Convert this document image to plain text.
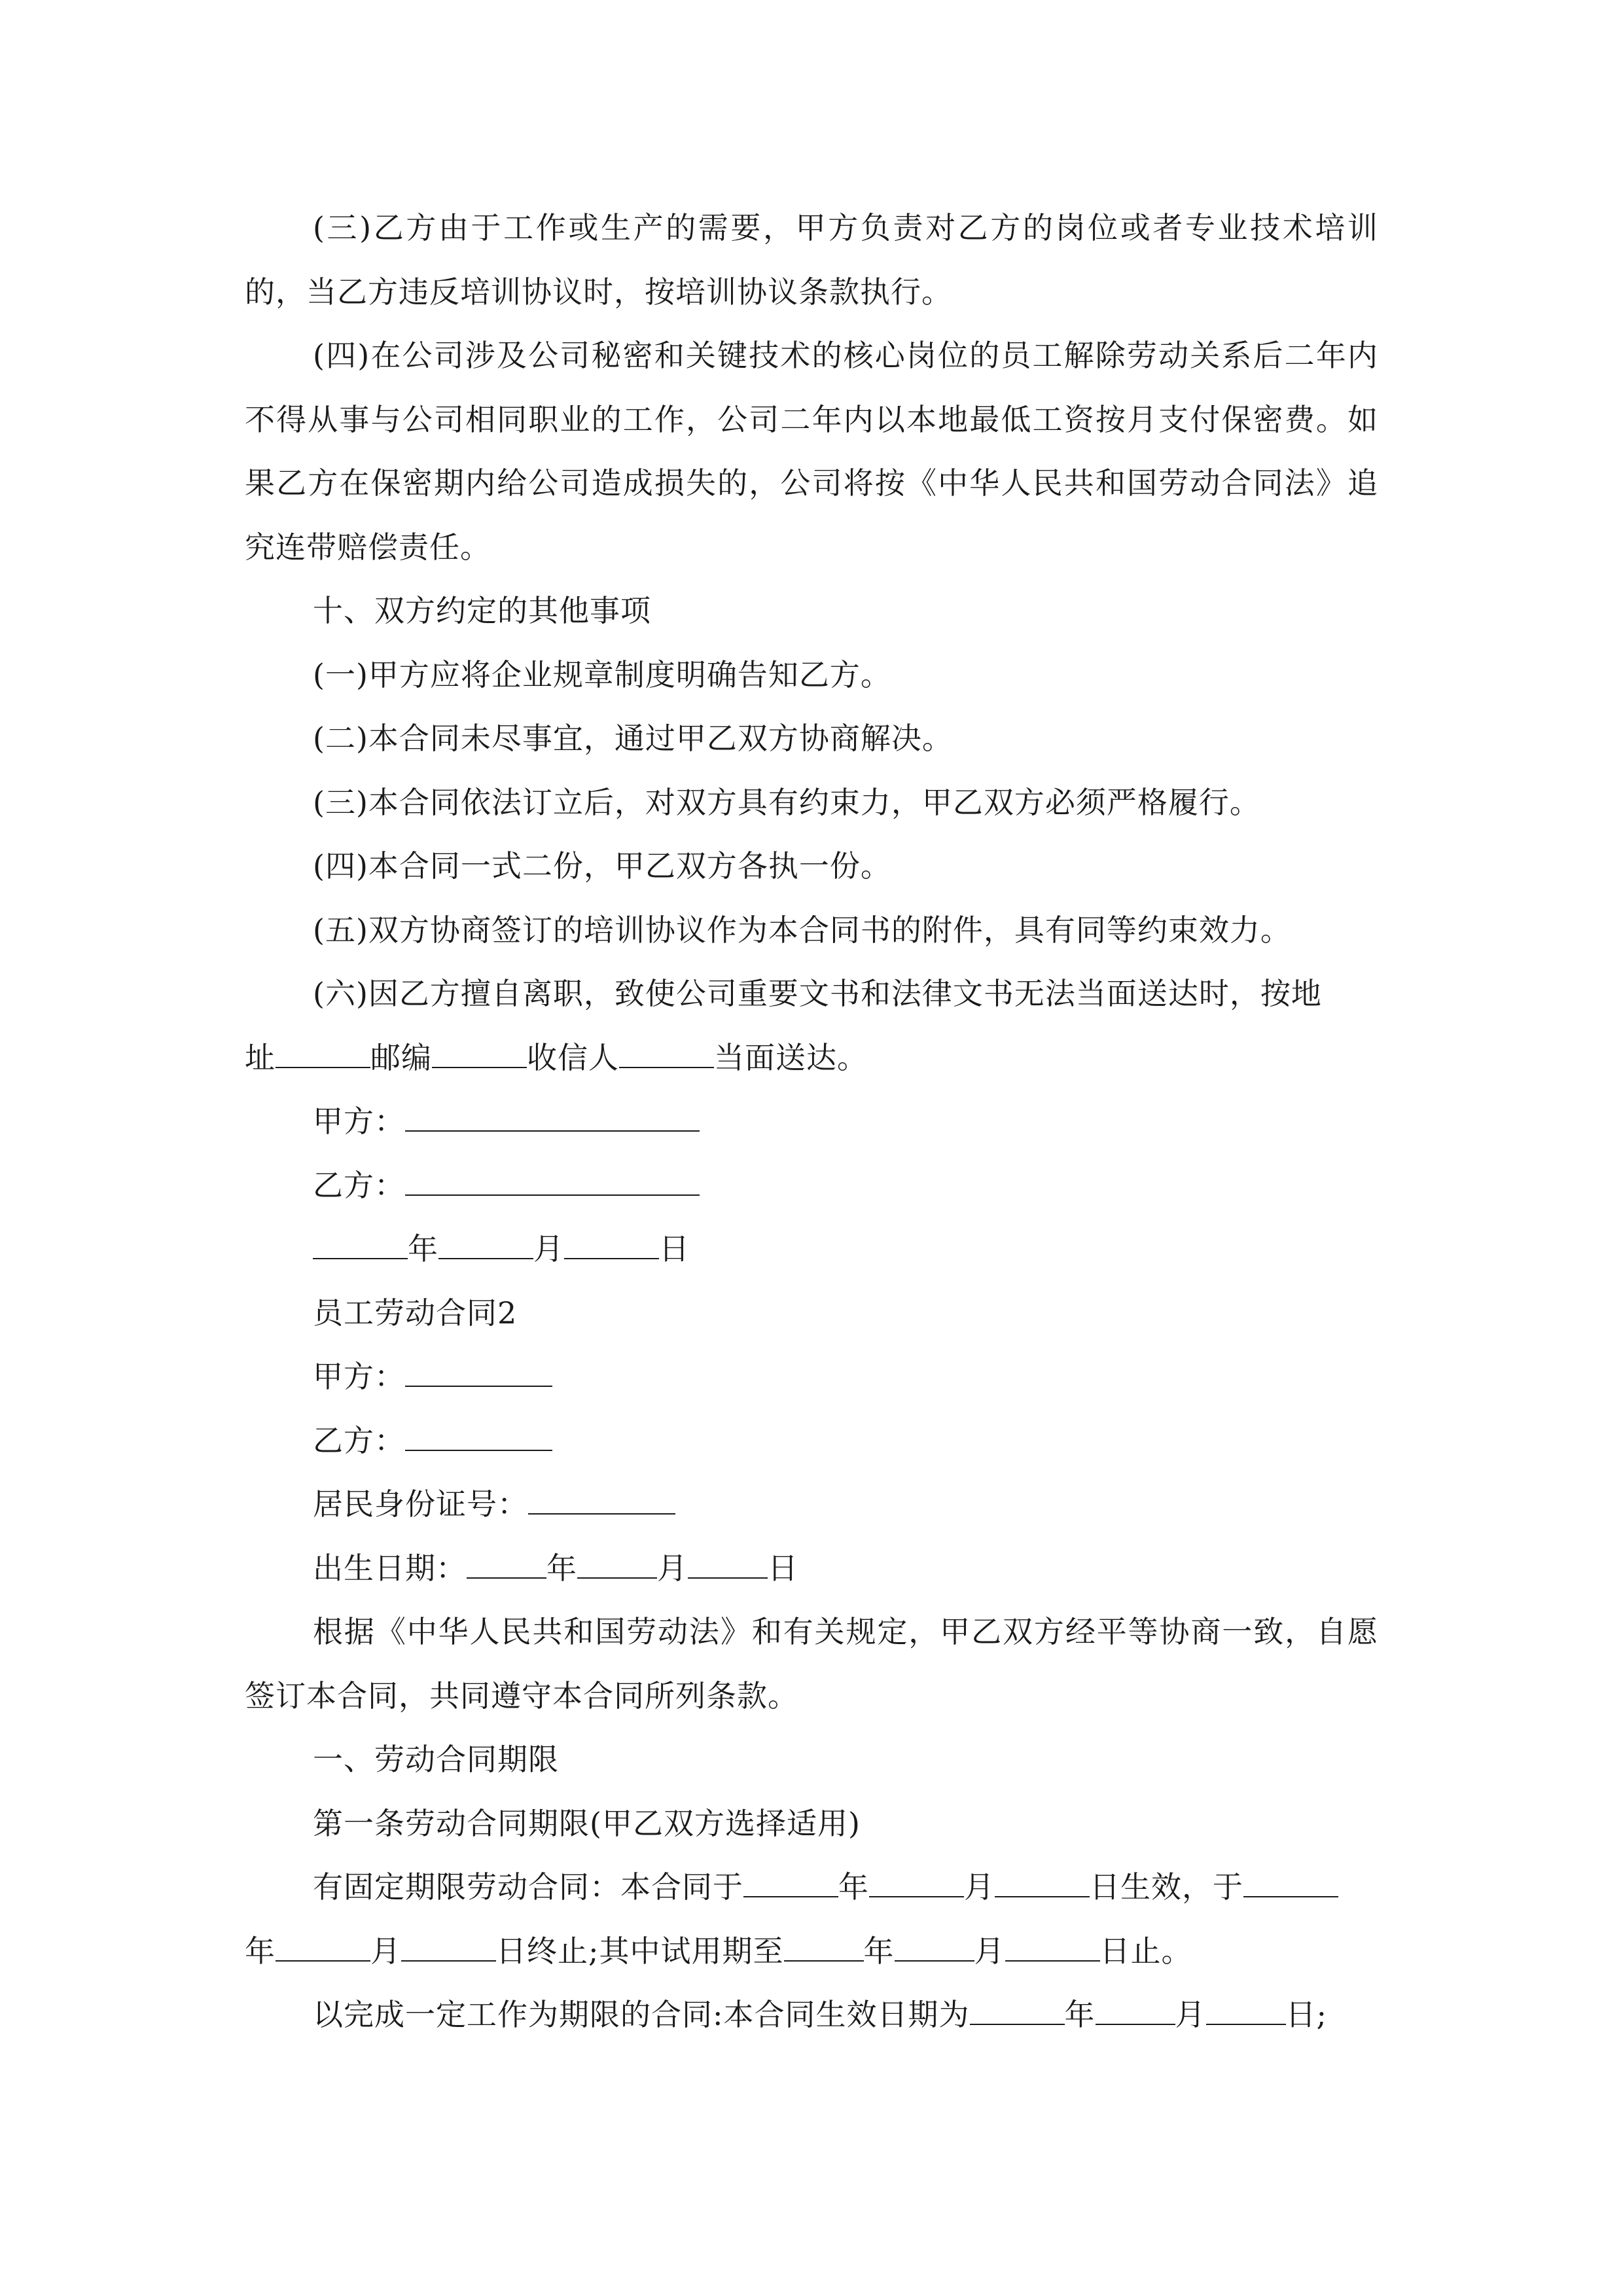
(三)乙方由于工作或生产的需要，甲方负责对乙方的岗位或者专业技术培训的，当乙方违反培训协议时，按培训协议条款执行。

(四)在公司涉及公司秘密和关键技术的核心岗位的员工解除劳动关系后二年内不得从事与公司相同职业的工作，公司二年内以本地最低工资按月支付保密费。如果乙方在保密期内给公司造成损失的，公司将按《中华人民共和国劳动合同法》追究连带赔偿责任。

十、双方约定的其他事项

(一)甲方应将企业规章制度明确告知乙方。

(二)本合同未尽事宜，通过甲乙双方协商解决。

(三)本合同依法订立后，对双方具有约束力，甲乙双方必须严格履行。

(四)本合同一式二份，甲乙双方各执一份。

(五)双方协商签订的培训协议作为本合同书的附件，具有同等约束效力。

(六)因乙方擅自离职，致使公司重要文书和法律文书无法当面送达时，按地

址	邮编	收信人	当面送达。

甲方：

乙方：

年	月	日

员工劳动合同2

甲方：

乙方：

居民身份证号：

出生日期：	年	月	日

根据《中华人民共和国劳动法》和有关规定，甲乙双方经平等协商一致，自愿签订本合同，共同遵守本合同所列条款。

一、劳动合同期限

第一条劳动合同期限(甲乙双方选择适用)

有固定期限劳动合同：本合同于	年	月	日生效，于

年	月	日终止;其中试用期至	年	月	日止。

以完成一定工作为期限的合同:本合同生效日期为	年	月	日;
